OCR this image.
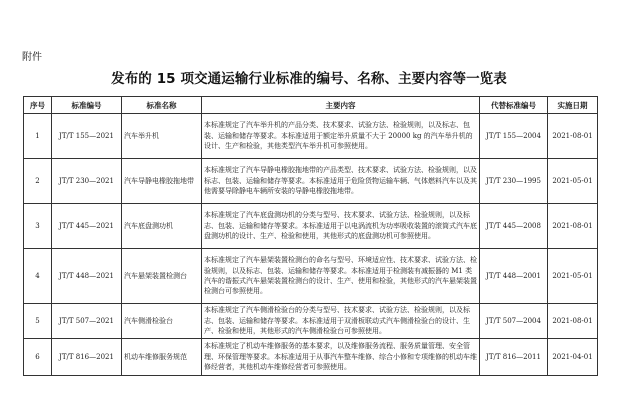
附件
发布的 15 项交通运输行业标准的编号、名称、主要内容等一览表
序号	标准编号	标准名称	主要内容	代替标准编号	实施日期
1	JT/T 155—2021	汽车举升机	本标准规定了汽车举升机的产品分类、技术要求、试验方法、检验规则，以及标志、包装、运输和储存等要求。本标准适用于额定举升质量不大于 20000 kg 的汽车举升机的设计、生产和检验，其他类型汽车举升机可参照使用。	JT/T 155—2004	2021-08-01
2	JT/T 230—2021	汽车导静电橡胶拖地带	本标准规定了汽车导静电橡胶拖地带的产品类型、技术要求、试验方法、检验规则，以及标志、包装、运输和储存等要求。本标准适用于危险货物运输车辆、气体燃料汽车以及其他需要导除静电车辆所安装的导静电橡胶拖地带。	JT/T 230—1995	2021-05-01
3	JT/T 445—2021	汽车底盘测功机	本标准规定了汽车底盘测功机的分类与型号、技术要求、试验方法、检验规则，以及标志、包装、运输和储存等要求。本标准适用于以电涡流机为功率吸收装置的滚筒式汽车底盘测功机的设计、生产、检验和使用，其他形式的底盘测功机可参照使用。	JT/T 445—2008	2021-08-01
4	JT/T 448—2021	汽车悬架装置检测台	本标准规定了汽车悬架装置检测台的命名与型号、环境适应性、技术要求、试验方法、检验规则，以及标志、包装、运输和储存等要求。本标准适用于检测装有减振器的 M1 类汽车的谐振式汽车悬架装置检测台的设计、生产、使用和检验，其他形式的汽车悬架装置检测台可参照使用。	JT/T 448—2001	2021-05-01
5	JT/T 507—2021	汽车侧滑检验台	本标准规定了汽车侧滑检验台的分类与型号、技术要求、试验方法、检验规则，以及标志、包装、运输和储存等要求。本标准适用于双滑板联动式汽车侧滑检验台的设计、生产、检验和使用，其他形式的汽车侧滑检验台可参照使用。	JT/T 507—2004	2021-08-01
6	JT/T 816—2021	机动车维修服务规范	本标准规定了机动车维修服务的基本要求，以及维修服务流程、服务质量管理、安全管理、环保管理等要求。本标准适用于从事汽车整车维修、综合小修和专项维修的机动车维修经营者，其他机动车维修经营者可参照使用。	JT/T 816—2011	2021-04-01
